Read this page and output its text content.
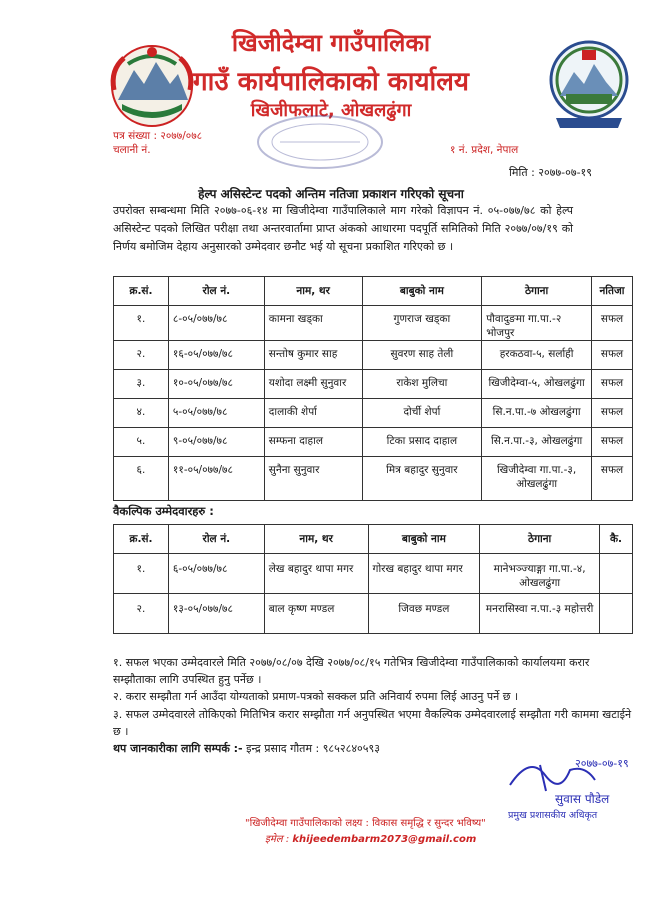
खिजीदेम्वा गाउँपालिका
गाउँ कार्यपालिकाको कार्यालय
खिजीफलाटे, ओखलढुंगा
पत्र संख्या : २०७७/०७८
चलानी नं.	१ नं. प्रदेश, नेपाल
मिति : २०७७-०७-१९
हेल्प असिस्टेन्ट पदको अन्तिम नतिजा प्रकाशन गरिएको सूचना
उपरोक्त सम्बन्धमा मिति २०७७-०६-१४ मा खिजीदेम्वा गाउँपालिकाले माग गरेको विज्ञापन नं. ०५-०७७/७८ को हेल्प असिस्टेन्ट पदको लिखित परीक्षा तथा अन्तरवार्तामा प्राप्त अंकको आधारमा पदपूर्ति समितिको मिति २०७७/०७/१९ को निर्णय बमोजिम देहाय अनुसारको उम्मेदवार छनौट भई यो सूचना प्रकाशित गरिएको छ ।
क्र.सं.	रोल नं.	नाम, थर	बाबुको नाम	ठेगाना	नतिजा
१.	८-०५/०७७/७८	कामना खड्का	गुणराज खड्का	पौवादुङमा गा.पा.-२ भोजपुर	सफल
२.	१६-०५/०७७/७८	सन्तोष कुमार साह	सुवरण साह तेली	हरकठवा-५, सर्लाही	सफल
३.	१०-०५/०७७/७८	यशोदा लक्ष्मी सुनुवार	राकेश मुलिचा	खिजीदेम्वा-५, ओखलढुंगा	सफल
४.	५-०५/०७७/७८	दालाकी शेर्पा	दोर्ची शेर्पा	सि.न.पा.-७ ओखलढुंगा	सफल
५.	९-०५/०७७/७८	सम्फना दाहाल	टिका प्रसाद दाहाल	सि.न.पा.-३, ओखलढुंगा	सफल
६.	११-०५/०७७/७८	सुनैना सुनुवार	मित्र बहादुर सुनुवार	खिजीदेम्वा गा.पा.-३, ओखलढुंगा	सफल
वैकल्पिक उम्मेदवारहरु :
क्र.सं.	रोल नं.	नाम, थर	बाबुको नाम	ठेगाना	कै.
१.	६-०५/०७७/७८	लेख बहादुर थापा मगर	गोरख बहादुर थापा मगर	मानेभञ्ज्याङ्गा गा.पा.-४, ओखलढुंगा	
२.	१३-०५/०७७/७८	बाल कृष्ण मण्डल	जिवछ मण्डल	मनरासिस्वा न.पा.-३ महोत्तरी	
१. सफल भएका उम्मेदवारले मिति २०७७/०८/०७ देखि २०७७/०८/१५ गतेभित्र खिजीदेम्वा गाउँपालिकाको कार्यालयमा करार सम्झौताका लागि उपस्थित हुनु पर्नेछ ।
२. करार सम्झौता गर्न आउँदा योग्यताको प्रमाण-पत्रको सक्कल प्रति अनिवार्य रुपमा लिई आउनु पर्ने छ ।
३. सफल उम्मेदवारले तोकिएको मितिभित्र करार सम्झौता गर्न अनुपस्थित भएमा वैकल्पिक उम्मेदवारलाई सम्झौता गरी काममा खटाईने छ ।
थप जानकारीका लागि सम्पर्क :- इन्द्र प्रसाद गौतम : ९८५२८४०५९३
२०७७-०७-१९
सुवास पौडेल
प्रमुख प्रशासकीय अधिकृत
"खिजीदेम्वा गाउँपालिकाको लक्ष्य : विकास समृद्धि र सुन्दर भविष्य"
इमेल : khijeedembarm2073@gmail.com
